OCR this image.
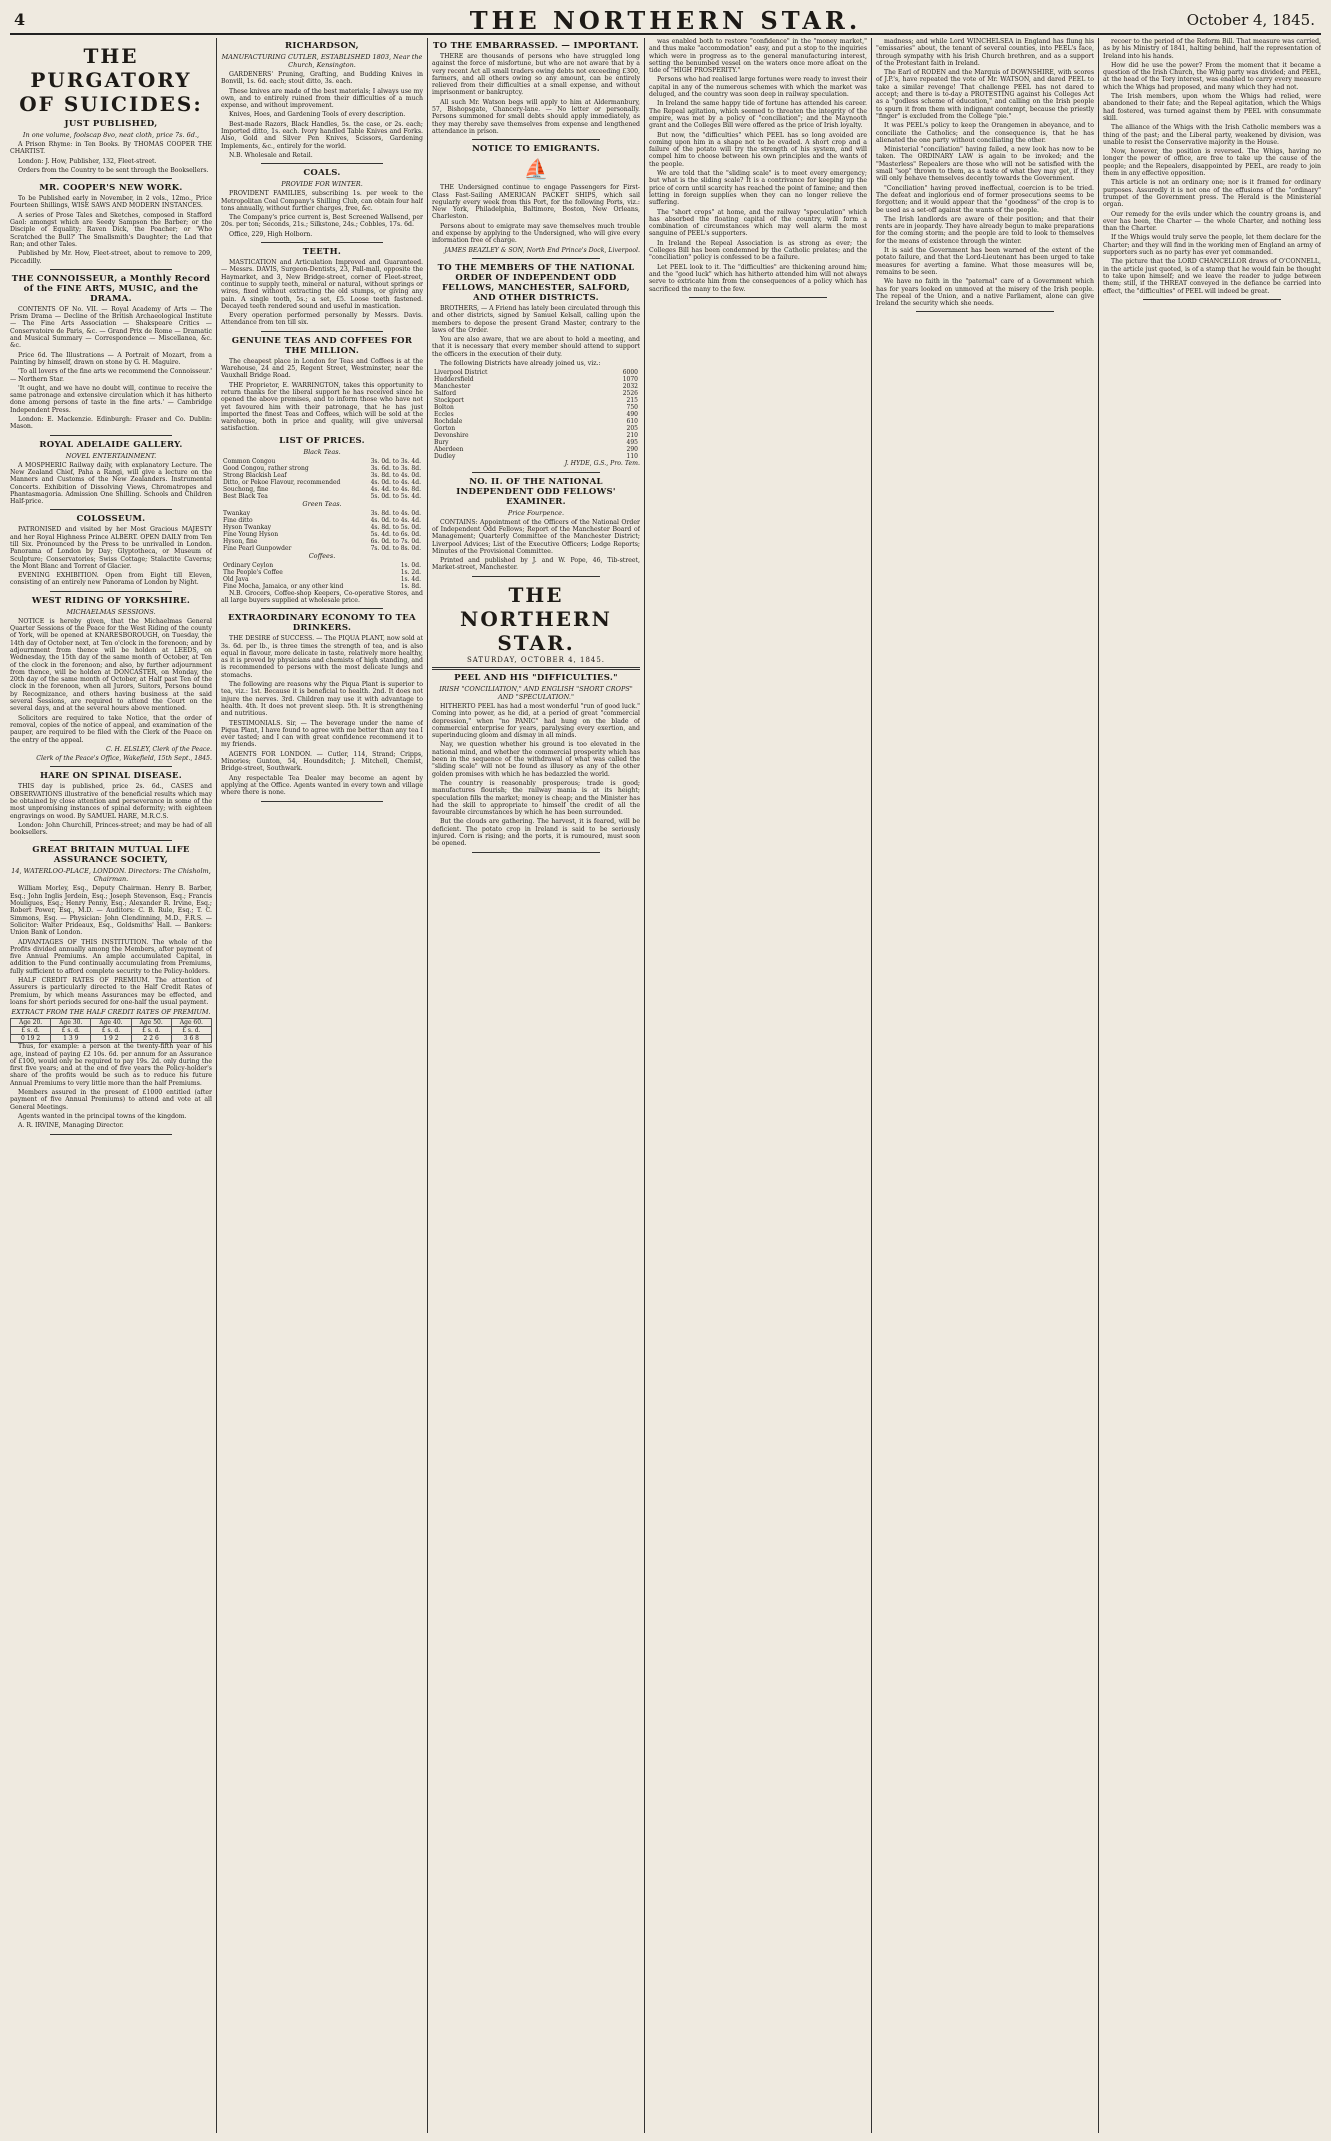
4	THE NORTHERN STAR.	October 4, 1845.
THE PURGATORY OF SUICIDES:
JUST PUBLISHED,
In one volume, foolscap 8vo, neat cloth, price 7s. 6d.,

A Prison Rhyme: in Ten Books. By THOMAS COOPER THE CHARTIST.

London: J. How, Publisher, 132, Fleet-street.

Orders from the Country to be sent through the Booksellers.

MR. COOPER'S NEW WORK.

To be Published early in November, in 2 vols., 12mo., Price Fourteen Shillings, WISE SAWS AND MODERN INSTANCES.

A series of Prose Tales and Sketches, composed in Stafford Gaol: amongst which are Seedy Sampson the Barber; or the Disciple of Equality; Raven Dick, the Poacher; or 'Who Scratched the Bull?' The Smallsmith's Daughter; the Lad that Ran; and other Tales.

Published by Mr. How, Fleet-street, about to remove to 209, Piccadilly.

THE CONNOISSEUR, a Monthly Record of the FINE ARTS, MUSIC, and the DRAMA.

CONTENTS OF No. VII. — Royal Academy of Arts — The Prism Drama — Decline of the British Archaeological Institute — The Fine Arts Association — Shakspeare Critics — Conservatoire de Paris, &c. — Grand Prix de Rome — Dramatic and Musical Summary — Correspondence — Miscellanea, &c. &c.

Price 6d. The Illustrations — A Portrait of Mozart, from a Painting by himself, drawn on stone by G. H. Maguire.

'To all lovers of the fine arts we recommend the Connoisseur.' — Northern Star.

'It ought, and we have no doubt will, continue to receive the same patronage and extensive circulation which it has hitherto done among persons of taste in the fine arts.' — Cambridge Independent Press.

London: E. Mackenzie. Edinburgh: Fraser and Co. Dublin: Mason.

ROYAL ADELAIDE GALLERY.
NOVEL ENTERTAINMENT.

A MOSPHERIC Railway daily, with explanatory Lecture. The New Zealand Chief, Paha a Rangi, will give a lecture on the Manners and Customs of the New Zealanders. Instrumental Concerts. Exhibition of Dissolving Views, Chromatropes and Phantasmagoria. Admission One Shilling. Schools and Children Half-price.

COLOSSEUM.

PATRONISED and visited by her Most Gracious MAJESTY and her Royal Highness Prince ALBERT. OPEN DAILY from Ten till Six. Pronounced by the Press to be unrivalled in London. Panorama of London by Day; Glyptotheca, or Museum of Sculpture; Conservatories; Swiss Cottage; Stalactite Caverns; the Mont Blanc and Torrent of Glacier.

EVENING EXHIBITION. Open from Eight till Eleven, consisting of an entirely new Panorama of London by Night.

WEST RIDING OF YORKSHIRE.
MICHAELMAS SESSIONS.

NOTICE is hereby given, that the Michaelmas General Quarter Sessions of the Peace for the West Riding of the county of York, will be opened at KNARESBOROUGH, on Tuesday, the 14th day of October next, at Ten o'clock in the forenoon; and by adjournment from thence will be holden at LEEDS, on Wednesday, the 15th day of the same month of October, at Ten of the clock in the forenoon; and also, by further adjournment from thence, will be holden at DONCASTER, on Monday, the 20th day of the same month of October, at Half past Ten of the clock in the forenoon, when all Jurors, Suitors, Persons bound by Recognizance, and others having business at the said several Sessions, are required to attend the Court on the several days, and at the several hours above mentioned.

Solicitors are required to take Notice, that the order of removal, copies of the notice of appeal, and examination of the pauper, are required to be filed with the Clerk of the Peace on the entry of the appeal.

C. H. ELSLEY, Clerk of the Peace.
Clerk of the Peace's Office, Wakefield, 15th Sept., 1845.
HARE ON SPINAL DISEASE.

THIS day is published, price 2s. 6d., CASES and OBSERVATIONS illustrative of the beneficial results which may be obtained by close attention and perseverance in some of the most unpromising instances of spinal deformity; with eighteen engravings on wood. By SAMUEL HARE, M.R.C.S.

London: John Churchill, Princes-street; and may be had of all booksellers.

GREAT BRITAIN MUTUAL LIFE ASSURANCE SOCIETY,
14, WATERLOO-PLACE, LONDON. Directors: The Chisholm, Chairman.

William Morley, Esq., Deputy Chairman. Henry B. Barber, Esq.; John Inglis Jerdein, Esq.; Joseph Stevenson, Esq.; Francis Mouligues, Esq.; Henry Penny, Esq.; Alexander R. Irvine, Esq.; Robert Power, Esq., M.D. — Auditors: C. B. Rule, Esq.; T. C. Simmons, Esq. — Physician: John Clendinning, M.D., F.R.S. — Solicitor: Walter Prideaux, Esq., Goldsmiths' Hall. — Bankers: Union Bank of London.

ADVANTAGES OF THIS INSTITUTION. The whole of the Profits divided annually among the Members, after payment of five Annual Premiums. An ample accumulated Capital, in addition to the Fund continually accumulating from Premiums, fully sufficient to afford complete security to the Policy-holders.

HALF CREDIT RATES OF PREMIUM. The attention of Assurers is particularly directed to the Half Credit Rates of Premium, by which means Assurances may be effected, and loans for short periods secured for one-half the usual payment.

EXTRACT FROM THE HALF CREDIT RATES OF PREMIUM.
Age 20.	Age 30.	Age 40.	Age 50.	Age 60.
£ s. d.	£ s. d.	£ s. d.	£ s. d.	£ s. d.
0 19 2	1 3 9	1 9 2	2 2 6	3 6 8

Thus, for example: a person at the twenty-fifth year of his age, instead of paying £2 10s. 6d. per annum for an Assurance of £100, would only be required to pay 19s. 2d. only during the first five years; and at the end of five years the Policy-holder's share of the profits would be such as to reduce his future Annual Premiums to very little more than the half Premiums.

Members assured in the present of £1000 entitled (after payment of five Annual Premiums) to attend and vote at all General Meetings.

Agents wanted in the principal towns of the kingdom.

A. R. IRVINE, Managing Director.

RICHARDSON,
MANUFACTURING CUTLER, ESTABLISHED 1803, Near the Church, Kensington.

GARDENERS' Pruning, Grafting, and Budding Knives in Bonvill, 1s. 6d. each; stout ditto, 3s. each.

These knives are made of the best materials; I always use my own, and to entirely ruined from their difficulties of a much expense, and without improvement.

Knives, Hoes, and Gardening Tools of every description.

Best-made Razors, Black Handles, 5s. the case, or 2s. each; Imported ditto, 1s. each. Ivory handled Table Knives and Forks. Also, Gold and Silver Pen Knives, Scissors, Gardening Implements, &c., entirely for the world.

N.B. Wholesale and Retail.

COALS.
PROVIDE FOR WINTER.

PROVIDENT FAMILIES, subscribing 1s. per week to the Metropolitan Coal Company's Shilling Club, can obtain four half tons annually, without further charges, free, &c.

The Company's price current is, Best Screened Wallsend, per 20s. per ton; Seconds, 21s.; Silkstone, 24s.; Cobbles, 17s. 6d.

Office, 229, High Holborn.

TEETH.

MASTICATION and Articulation Improved and Guaranteed. — Messrs. DAVIS, Surgeon-Dentists, 23, Pall-mall, opposite the Haymarket, and 3, New Bridge-street, corner of Fleet-street, continue to supply teeth, mineral or natural, without springs or wires, fixed without extracting the old stumps, or giving any pain. A single tooth, 5s.; a set, £5. Loose teeth fastened. Decayed teeth rendered sound and useful in mastication.

Every operation performed personally by Messrs. Davis. Attendance from ten till six.

GENUINE TEAS AND COFFEES FOR THE MILLION.

The cheapest place in London for Teas and Coffees is at the Warehouse, 24 and 25, Regent Street, Westminster, near the Vauxhall Bridge Road.

THE Proprietor, E. WARRINGTON, takes this opportunity to return thanks for the liberal support he has received since he opened the above premises, and to inform those who have not yet favoured him with their patronage, that he has just imported the finest Teas and Coffees, which will be sold at the warehouse, both in price and quality, will give universal satisfaction.

LIST OF PRICES.
Black Teas.
Common Congou	3s. 0d. to 3s. 4d.
Good Congou, rather strong	3s. 6d. to 3s. 8d.
Strong Blackish Leaf	3s. 8d. to 4s. 0d.
Ditto, or Pekoe Flavour, recommended	4s. 0d. to 4s. 4d.
Souchong, fine	4s. 4d. to 4s. 8d.
Best Black Tea	5s. 0d. to 5s. 4d.
Green Teas.
Twankay	3s. 8d. to 4s. 0d.
Fine ditto	4s. 0d. to 4s. 4d.
Hyson Twankay	4s. 8d. to 5s. 0d.
Fine Young Hyson	5s. 4d. to 6s. 0d.
Hyson, fine	6s. 0d. to 7s. 0d.
Fine Pearl Gunpowder	7s. 0d. to 8s. 0d.
Coffees.
Ordinary Ceylon	1s. 0d.
The People's Coffee	1s. 2d.
Old Java	1s. 4d.
Fine Mocha, Jamaica, or any other kind	1s. 8d.

N.B. Grocers, Coffee-shop Keepers, Co-operative Stores, and all large buyers supplied at wholesale price.

EXTRAORDINARY ECONOMY TO TEA DRINKERS.

THE DESIRE of SUCCESS. — The PIQUA PLANT, now sold at 3s. 6d. per lb., is three times the strength of tea, and is also equal in flavour, more delicate in taste, relatively more healthy, as it is proved by physicians and chemists of high standing, and is recommended to persons with the most delicate lungs and stomachs.

The following are reasons why the Piqua Plant is superior to tea, viz.: 1st. Because it is beneficial to health. 2nd. It does not injure the nerves. 3rd. Children may use it with advantage to health. 4th. It does not prevent sleep. 5th. It is strengthening and nutritious.

TESTIMONIALS. Sir, — The beverage under the name of Piqua Plant, I have found to agree with me better than any tea I ever tasted; and I can with great confidence recommend it to my friends.

AGENTS FOR LONDON. — Cutler, 114, Strand; Cripps, Minories; Gunton, 54, Houndsditch; J. Mitchell, Chemist, Bridge-street, Southwark.

Any respectable Tea Dealer may become an agent by applying at the Office. Agents wanted in every town and village where there is none.

TO THE EMBARRASSED. — IMPORTANT.

THERE are thousands of persons who have struggled long against the force of misfortune, but who are not aware that by a very recent Act all small traders owing debts not exceeding £300, farmers, and all others owing so any amount, can be entirely relieved from their difficulties at a small expense, and without imprisonment or bankruptcy.

All such Mr. Watson begs will apply to him at Aldermanbury, 57, Bishopsgate, Chancery-lane. — No letter or personally. Persons summoned for small debts should apply immediately, as they may thereby save themselves from expense and lengthened attendance in prison.

NOTICE TO EMIGRANTS.
⛵

THE Undersigned continue to engage Passengers for First-Class Fast-Sailing AMERICAN PACKET SHIPS, which sail regularly every week from this Port, for the following Ports, viz.: New York, Philadelphia, Baltimore, Boston, New Orleans, Charleston.

Persons about to emigrate may save themselves much trouble and expense by applying to the Undersigned, who will give every information free of charge.

JAMES BEAZLEY & SON, North End Prince's Dock, Liverpool.
TO THE MEMBERS OF THE NATIONAL ORDER OF INDEPENDENT ODD FELLOWS, MANCHESTER, SALFORD, AND OTHER DISTRICTS.

BROTHERS, — A Friend has lately been circulated through this and other districts, signed by Samuel Kelsall, calling upon the members to depose the present Grand Master, contrary to the laws of the Order.

You are also aware, that we are about to hold a meeting, and that it is necessary that every member should attend to support the officers in the execution of their duty.

The following Districts have already joined us, viz.:

Liverpool District	6000
Huddersfield	1070
Manchester	2032
Salford	2526
Stockport	215
Bolton	750
Eccles	490
Rochdale	610
Gorton	205
Devonshire	210
Bury	495
Aberdeen	290
Dudley	110
J. HYDE, G.S., Pro. Tem.
NO. II. OF THE NATIONAL INDEPENDENT ODD FELLOWS' EXAMINER.
Price Fourpence.

CONTAINS: Appointment of the Officers of the National Order of Independent Odd Fellows; Report of the Manchester Board of Management; Quarterly Committee of the Manchester District; Liverpool Advices; List of the Executive Officers; Lodge Reports; Minutes of the Provisional Committee.

Printed and published by J. and W. Pope, 46, Tib-street, Market-street, Manchester.

THE NORTHERN STAR.
SATURDAY, OCTOBER 4, 1845.
PEEL AND HIS "DIFFICULTIES."
IRISH "CONCILIATION," AND ENGLISH "SHORT CROPS" AND "SPECULATION."

HITHERTO PEEL has had a most wonderful "run of good luck." Coming into power, as he did, at a period of great "commercial depression," when "no PANIC" had hung on the blade of commercial enterprise for years, paralysing every exertion, and superinducing gloom and dismay in all minds.

Nay, we question whether his ground is too elevated in the national mind, and whether the commercial prosperity which has been in the sequence of the withdrawal of what was called the "sliding scale" will not be found as illusory as any of the other golden promises with which he has bedazzled the world.

The country is reasonably prosperous; trade is good; manufactures flourish; the railway mania is at its height; speculation fills the market; money is cheap; and the Minister has had the skill to appropriate to himself the credit of all the favourable circumstances by which he has been surrounded.

But the clouds are gathering. The harvest, it is feared, will be deficient. The potato crop in Ireland is said to be seriously injured. Corn is rising; and the ports, it is rumoured, must soon be opened.

was enabled both to restore "confidence" in the "money market," and thus make "accommodation" easy, and put a stop to the inquiries which were in progress as to the general manufacturing interest, setting the benumbed vessel on the waters once more afloat on the tide of "HIGH PROSPERITY."

Persons who had realised large fortunes were ready to invest their capital in any of the numerous schemes with which the market was deluged, and the country was soon deep in railway speculation.

In Ireland the same happy tide of fortune has attended his career. The Repeal agitation, which seemed to threaten the integrity of the empire, was met by a policy of "conciliation"; and the Maynooth grant and the Colleges Bill were offered as the price of Irish loyalty.

But now, the "difficulties" which PEEL has so long avoided are coming upon him in a shape not to be evaded. A short crop and a failure of the potato will try the strength of his system, and will compel him to choose between his own principles and the wants of the people.

We are told that the "sliding scale" is to meet every emergency; but what is the sliding scale? It is a contrivance for keeping up the price of corn until scarcity has reached the point of famine; and then letting in foreign supplies when they can no longer relieve the suffering.

The "short crops" at home, and the railway "speculation" which has absorbed the floating capital of the country, will form a combination of circumstances which may well alarm the most sanguine of PEEL's supporters.

In Ireland the Repeal Association is as strong as ever; the Colleges Bill has been condemned by the Catholic prelates; and the "conciliation" policy is confessed to be a failure.

Let PEEL look to it. The "difficulties" are thickening around him; and the "good luck" which has hitherto attended him will not always serve to extricate him from the consequences of a policy which has sacrificed the many to the few.

madness; and while Lord WINCHELSEA in England has flung his "emissaries" about, the tenant of several counties, into PEEL's face, through sympathy with his Irish Church brethren, and as a support of the Protestant faith in Ireland.

The Earl of RODEN and the Marquis of DOWNSHIRE, with scores of J.P.'s, have repeated the vote of Mr. WATSON, and dared PEEL to take a similar revenge! That challenge PEEL has not dared to accept; and there is to-day a PROTESTING against his Colleges Act as a "godless scheme of education," and calling on the Irish people to spurn it from them with indignant contempt, because the priestly "finger" is excluded from the College "pie."

It was PEEL's policy to keep the Orangemen in abeyance, and to conciliate the Catholics; and the consequence is, that he has alienated the one party without conciliating the other.

Ministerial "conciliation" having failed, a new look has now to be taken. The ORDINARY LAW is again to be invoked; and the "Masterless" Repealers are those who will not be satisfied with the small "sop" thrown to them, as a taste of what they may get, if they will only behave themselves decently towards the Government.

"Conciliation" having proved ineffectual, coercion is to be tried. The defeat and inglorious end of former prosecutions seems to be forgotten; and it would appear that the "goodness" of the crop is to be used as a set-off against the wants of the people.

The Irish landlords are aware of their position; and that their rents are in jeopardy. They have already begun to make preparations for the coming storm; and the people are told to look to themselves for the means of existence through the winter.

It is said the Government has been warned of the extent of the potato failure, and that the Lord-Lieutenant has been urged to take measures for averting a famine. What those measures will be, remains to be seen.

We have no faith in the "paternal" care of a Government which has for years looked on unmoved at the misery of the Irish people. The repeal of the Union, and a native Parliament, alone can give Ireland the security which she needs.

recoer to the period of the Reform Bill. That measure was carried, as by his Ministry of 1841, halting behind, half the representation of Ireland into his hands.

How did he use the power? From the moment that it became a question of the Irish Church, the Whig party was divided; and PEEL, at the head of the Tory interest, was enabled to carry every measure which the Whigs had proposed, and many which they had not.

The Irish members, upon whom the Whigs had relied, were abandoned to their fate; and the Repeal agitation, which the Whigs had fostered, was turned against them by PEEL with consummate skill.

The alliance of the Whigs with the Irish Catholic members was a thing of the past; and the Liberal party, weakened by division, was unable to resist the Conservative majority in the House.

Now, however, the position is reversed. The Whigs, having no longer the power of office, are free to take up the cause of the people; and the Repealers, disappointed by PEEL, are ready to join them in any effective opposition.

This article is not an ordinary one; nor is it framed for ordinary purposes. Assuredly it is not one of the effusions of the "ordinary" trumpet of the Government press. The Herald is the Ministerial organ.

Our remedy for the evils under which the country groans is, and ever has been, the Charter — the whole Charter, and nothing less than the Charter.

If the Whigs would truly serve the people, let them declare for the Charter; and they will find in the working men of England an army of supporters such as no party has ever yet commanded.

The picture that the LORD CHANCELLOR draws of O'CONNELL, in the article just quoted, is of a stamp that he would fain be thought to take upon himself; and we leave the reader to judge between them; still, if the THREAT conveyed in the defiance be carried into effect, the "difficulties" of PEEL will indeed be great.
